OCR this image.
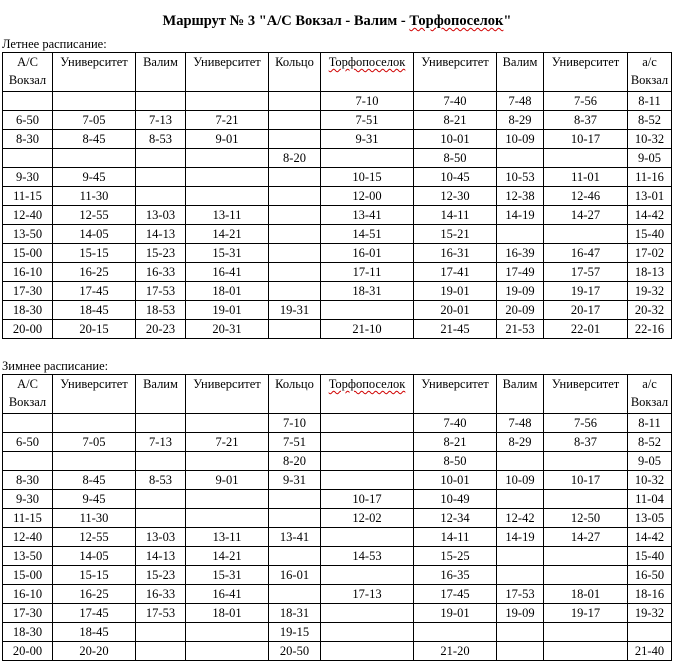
Маршрут № 3 "А/С Вокзал - Валим - Торфопоселок"
Летнее расписание:
А/С
Вокзал	Университет	Валим	Университет	Кольцо	Торфопоселок	Университет	Валим	Университет	а/с
Вокзал
					7-10	7-40	7-48	7-56	8-11
6-50	7-05	7-13	7-21		7-51	8-21	8-29	8-37	8-52
8-30	8-45	8-53	9-01		9-31	10-01	10-09	10-17	10-32
				8-20		8-50			9-05
9-30	9-45				10-15	10-45	10-53	11-01	11-16
11-15	11-30				12-00	12-30	12-38	12-46	13-01
12-40	12-55	13-03	13-11		13-41	14-11	14-19	14-27	14-42
13-50	14-05	14-13	14-21		14-51	15-21			15-40
15-00	15-15	15-23	15-31		16-01	16-31	16-39	16-47	17-02
16-10	16-25	16-33	16-41		17-11	17-41	17-49	17-57	18-13
17-30	17-45	17-53	18-01		18-31	19-01	19-09	19-17	19-32
18-30	18-45	18-53	19-01	19-31		20-01	20-09	20-17	20-32
20-00	20-15	20-23	20-31		21-10	21-45	21-53	22-01	22-16
Зимнее расписание:
А/С
Вокзал	Университет	Валим	Университет	Кольцо	Торфопоселок	Университет	Валим	Университет	а/с
Вокзал
				7-10		7-40	7-48	7-56	8-11
6-50	7-05	7-13	7-21	7-51		8-21	8-29	8-37	8-52
				8-20		8-50			9-05
8-30	8-45	8-53	9-01	9-31		10-01	10-09	10-17	10-32
9-30	9-45				10-17	10-49			11-04
11-15	11-30				12-02	12-34	12-42	12-50	13-05
12-40	12-55	13-03	13-11	13-41		14-11	14-19	14-27	14-42
13-50	14-05	14-13	14-21		14-53	15-25			15-40
15-00	15-15	15-23	15-31	16-01		16-35			16-50
16-10	16-25	16-33	16-41		17-13	17-45	17-53	18-01	18-16
17-30	17-45	17-53	18-01	18-31		19-01	19-09	19-17	19-32
18-30	18-45			19-15					
20-00	20-20			20-50		21-20			21-40
